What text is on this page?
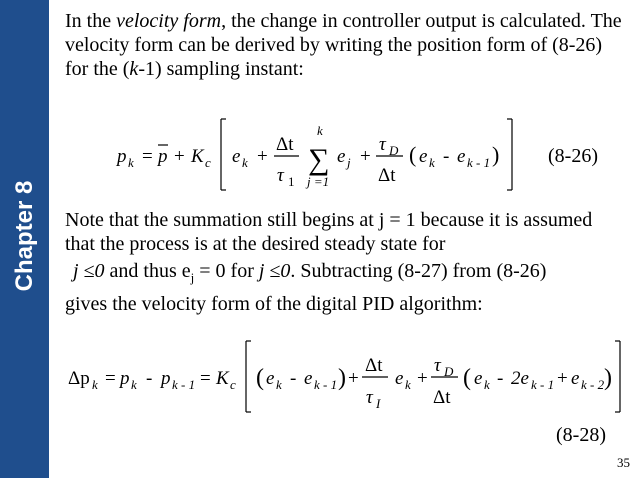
Chapter 8

In the velocity form, the change in controller output is calculated. The velocity form can be derived by writing the position form of (8-26) for the (k-1) sampling instant:

p k = p + K c e k +
Δt
τ 1
k
∑
j =1
e j +
τ D
Δt
( e k - e k - 1 ) (8-26)
Note that the summation still begins at j = 1 because it is assumed
that the process is at the desired steady state for
j ≤0 and thus $e_j = 0$ for j ≤0. Subtracting (8-27) from (8-26)
gives the velocity form of the digital PID algorithm:
Δp k = p k - p k - 1 = K c ( e k - e k - 1 ) +
Δt
τ I
e k +
τ D
Δt
( e k - 2e k - 1 + e k - 2 )
(8-28)
35
